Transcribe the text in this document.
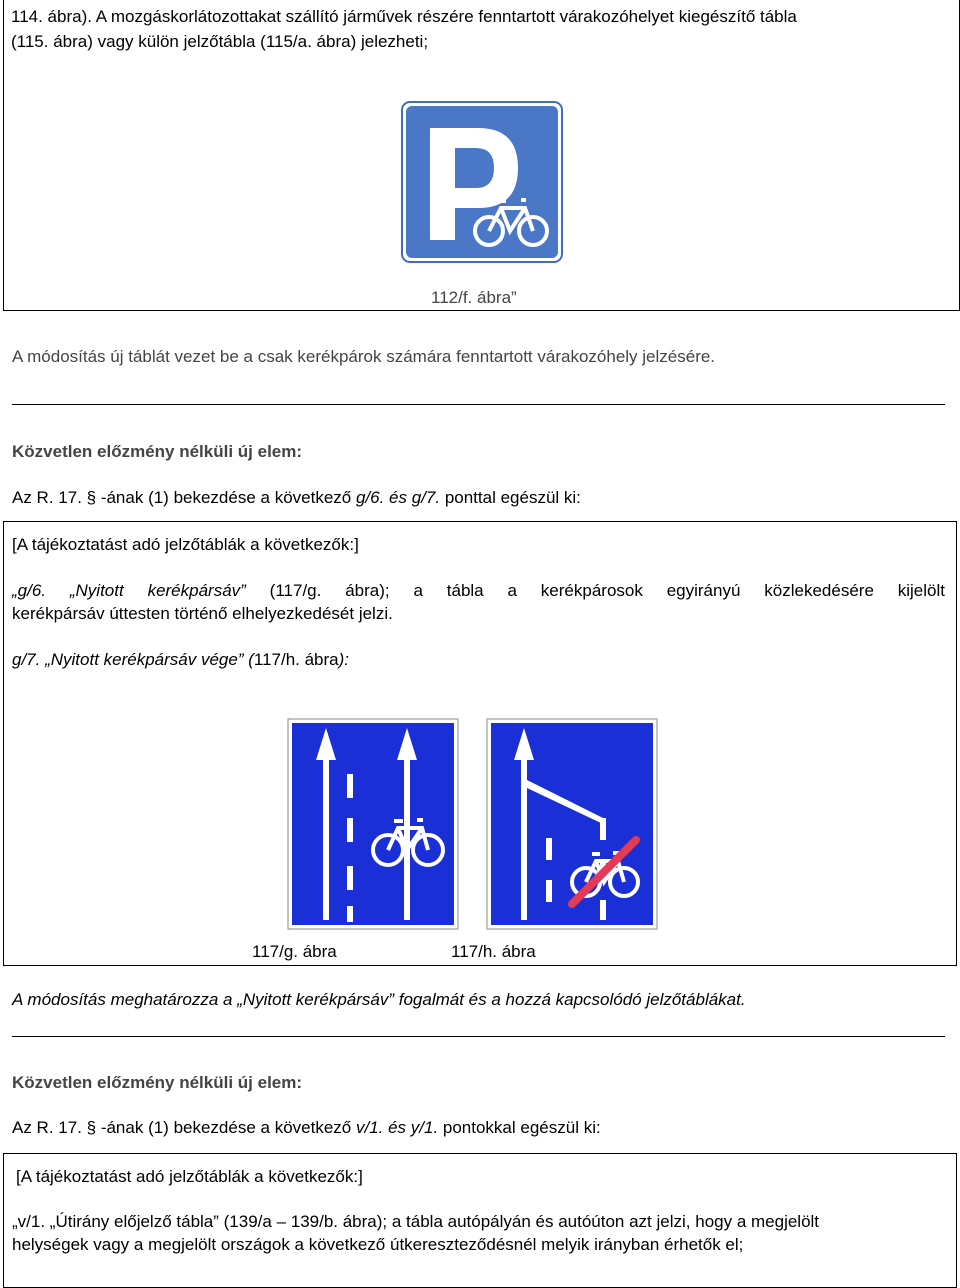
114. ábra). A mozgáskorlátozottakat szállító járművek részére fenntartott várakozóhelyet kiegészítő tábla
(115. ábra) vagy külön jelzőtábla (115/a. ábra) jelezheti;
112/f. ábra”
A módosítás új táblát vezet be a csak kerékpárok számára fenntartott várakozóhely jelzésére.
Közvetlen előzmény nélküli új elem:
Az R. 17. § -ának (1) bekezdése a következő g/6. és g/7. ponttal egészül ki:
[A tájékoztatást adó jelzőtáblák a következők:]
„g/6. „Nyitott kerékpársáv” (117/g. ábra); a tábla a kerékpárosok egyirányú közlekedésére kijelölt
kerékpársáv úttesten történő elhelyezkedését jelzi.
g/7. „Nyitott kerékpársáv vége” (117/h. ábra):
117/g. ábra	117/h. ábra
A módosítás meghatározza a „Nyitott kerékpársáv” fogalmát és a hozzá kapcsolódó jelzőtáblákat.
Közvetlen előzmény nélküli új elem:
Az R. 17. § -ának (1) bekezdése a következő v/1. és y/1. pontokkal egészül ki:
[A tájékoztatást adó jelzőtáblák a következők:]
„v/1. „Útirány előjelző tábla” (139/a – 139/b. ábra); a tábla autópályán és autóúton azt jelzi, hogy a megjelölt
helységek vagy a megjelölt országok a következő útkereszteződésnél melyik irányban érhetők el;
